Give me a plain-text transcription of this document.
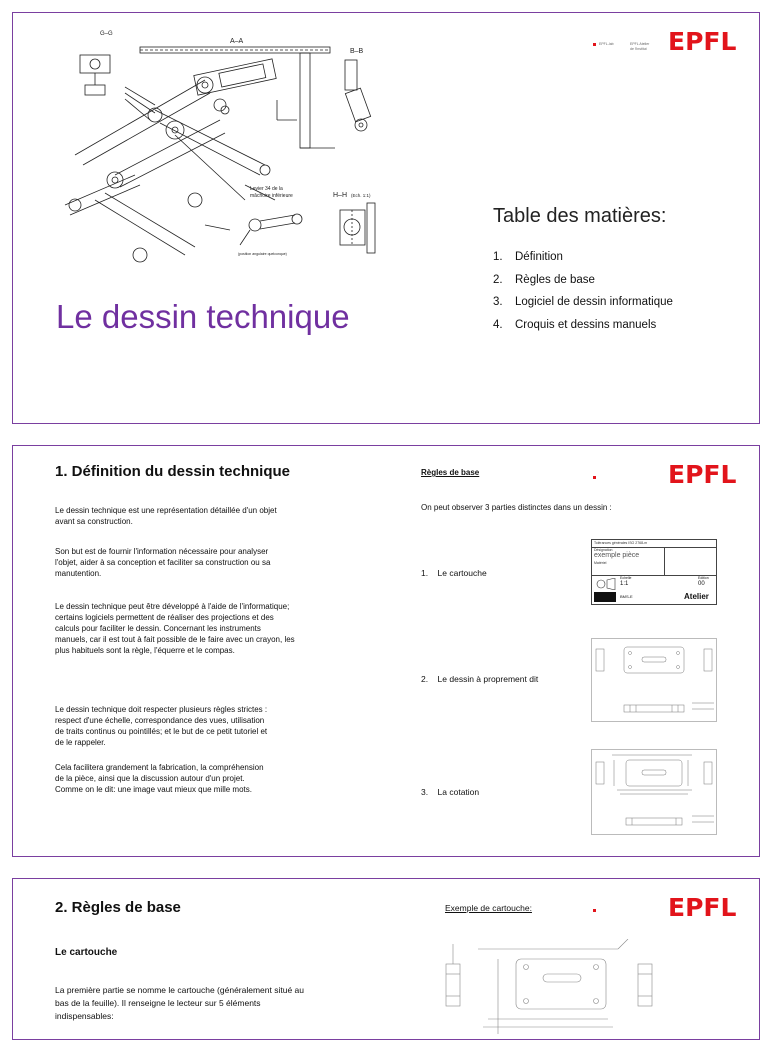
G–G
A–A
B–B
H–H (Ech. 1:1)
Levier 34 de la
mâchoire inférieure
(position angulaire quelconque)
EPFL-lab	EPFL Atelier
de l'Institut EPFL
Le dessin technique
Table des matières:
1. Définition
2. Règles de base
3. Logiciel de dessin informatique
4. Croquis et dessins manuels
1. Définition du dessin technique
Le dessin technique est une représentation détaillée d'un objet avant sa construction.
Son but est de fournir l'information nécessaire pour analyser l'objet, aider à sa conception et faciliter sa construction ou sa manutention.
Le dessin technique peut être développé à l'aide de l'informatique; certains logiciels permettent de réaliser des projections et des calculs pour faciliter le dessin. Concernant les instruments manuels, car il est tout à fait possible de le faire avec un crayon, les plus habituels sont la règle, l'équerre et le compas.
Le dessin technique doit respecter plusieurs règles strictes : respect d'une échelle, correspondance des vues, utilisation de traits continus ou pointillés; et le but de ce petit tutoriel et de le rappeler.
Cela facilitera grandement la fabrication, la compréhension de la pièce, ainsi que la discussion autour d'un projet. Comme on le dit: une image vaut mieux que mille mots.
Règles de base	EPFL
On peut observer 3 parties distinctes dans un dessin :
1. Le cartouche
2. Le dessin à proprement dit
3. La cotation
Tolérances générales ISO 2768-m
Désignation
exemple pièce
Matériel
Echelle
1:1
Edition
00
BMS-E	Atelier
2. Règles de base
Le cartouche
La première partie se nomme le cartouche (généralement situé au bas de la feuille). Il renseigne le lecteur sur 5 éléments indispensables:
Exemple de cartouche:	EPFL
